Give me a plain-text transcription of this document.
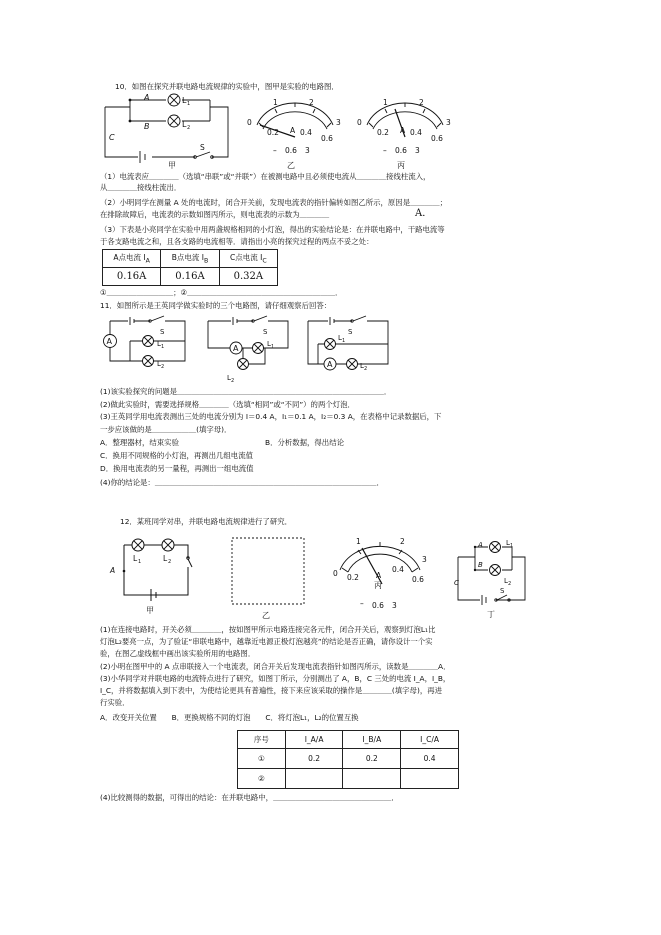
10．如图在探究并联电路电流规律的实验中，图甲是实验的电路图．
A
B
C
L 1
L 2
S
甲
0
1	2
3
0.2	0.4
0.6
A
– 0.6 3
乙
0
1	2
3
0.2	0.4
0.6
A
– 0.6 3
丙
（1）电流表应＿＿＿＿（选填“串联”或“并联”）在被测电路中且必须使电流从＿＿＿＿接线柱流入，
从＿＿＿＿接线柱流出．
（2）小明同学在测量 A 处的电流时，闭合开关前，发现电流表的指针偏转如图乙所示，原因是＿＿＿＿；
在排除故障后，电流表的示数如图丙所示，则电流表的示数为＿＿＿＿	A．
（3）下表是小亮同学在实验中用两盏规格相同的小灯泡，得出的实验结论是：在并联电路中，干路电流等
于各支路电流之和，且各支路的电流相等．请指出小亮的探究过程的两点不妥之处：
A点电流 $I_A$	B点电流 $I_B$	C点电流 $I_C$
0.16A	0.16A	0.32A
①＿＿＿＿＿＿＿＿＿；②＿＿＿＿＿＿＿＿＿＿＿＿＿＿＿＿＿＿＿＿．
11．如图所示是王英同学做实验时的三个电路图，请仔细观察后回答：
A
S
L 1
L 2
A
S
L 1
L 2
A
S
L 1
L 2
(1)该实验探究的问题是＿＿＿＿＿＿＿＿＿＿＿＿＿＿＿＿＿＿＿＿＿＿＿＿＿＿＿＿．
(2)做此实验时，需要选择规格＿＿＿＿（选填“相同”或“不同”）的两个灯泡．
(3)王英同学用电流表测出三处的电流分别为 I＝0.4 A，I₁＝0.1 A，I₂＝0.3 A，在表格中记录数据后，下
一步应该做的是＿＿＿＿＿＿(填字母)．
A．整理器材，结束实验	B．分析数据，得出结论
C．换用不同规格的小灯泡，再测出几组电流值
D．换用电流表的另一量程，再测出一组电流值
(4)你的结论是：＿＿＿＿＿＿＿＿＿＿＿＿＿＿＿＿＿＿＿＿＿＿＿＿＿＿＿＿＿＿．
12．某班同学对串，并联电路电流规律进行了研究．
A
L 1	L 2
甲
乙
0
1	2
3
0.2
0.4
0.6
A
– 0.6 3
丙
A
B
C
L 1
L 2
S
丁
(1)在连接电路时，开关必须＿＿＿＿，按如图甲所示电路连接完各元件，闭合开关后，观察到灯泡L₁比
灯泡L₂要亮一点，为了验证“串联电路中，越靠近电源正极灯泡越亮”的结论是否正确，请你设计一个实
验，在图乙虚线框中画出该实验所用的电路图．
(2)小明在图甲中的 A 点串联接入一个电流表，闭合开关后发现电流表指针如图丙所示，读数是＿＿＿＿A．
(3)小华同学对并联电路的电流特点进行了研究，如图丁所示，分别测出了 A，B，C 三处的电流 I_A，I_B，
I_C，并将数据填入到下表中，为使结论更具有普遍性，接下来应该采取的操作是＿＿＿＿(填字母)，再进
行实验．
A．改变开关位置　　B．更换规格不同的灯泡　　C．将灯泡L₁，L₂的位置互换
序号	I_A/A	I_B/A	I_C/A
①	0.2	0.2	0.4
②			
(4)比较测得的数据，可得出的结论：在并联电路中，＿＿＿＿＿＿＿＿＿＿＿＿＿＿＿＿．
